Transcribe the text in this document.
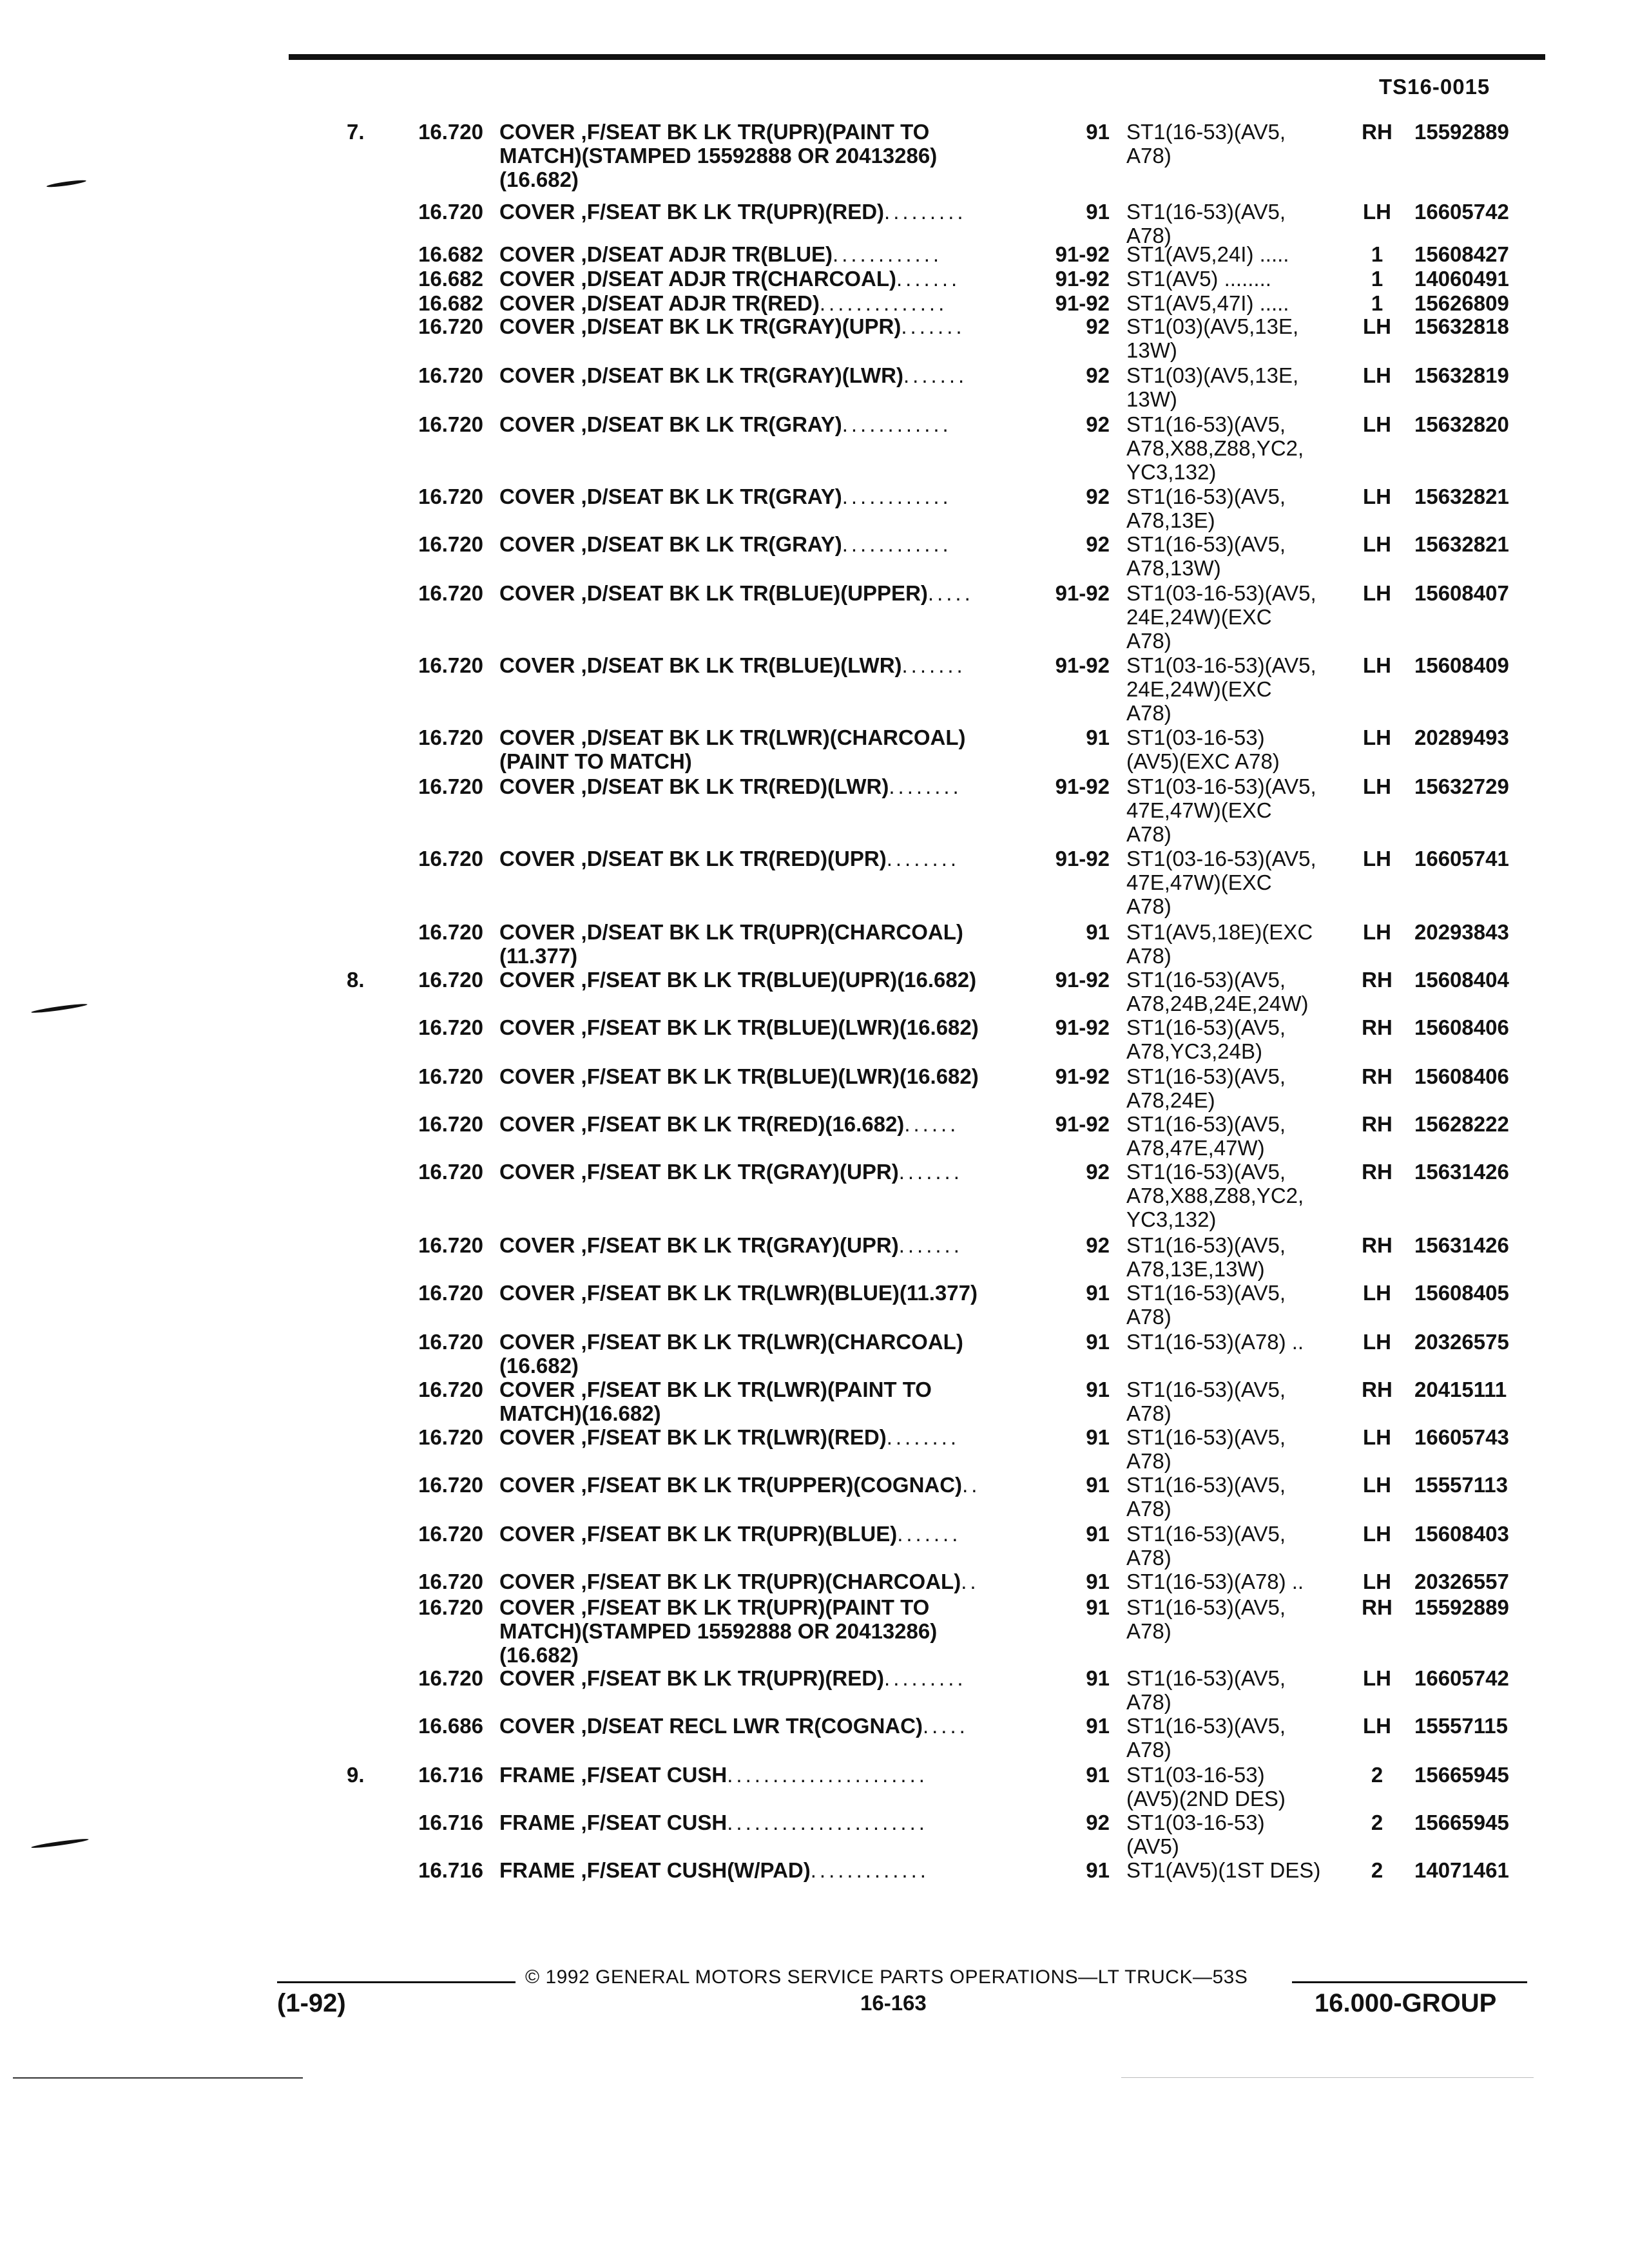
TS16-0015
7.	16.720 COVER ,F/SEAT BK LK TR(UPR)(PAINT TO
MATCH)(STAMPED 15592888 OR 20413286)
(16.682)
91 ST1(16-53)(AV5,
A78)
RH	15592889
16.720 COVER ,F/SEAT BK LK TR(UPR)(RED) .........	91 ST1(16-53)(AV5,
A78)
LH	16605742
16.682 COVER ,D/SEAT ADJR TR(BLUE) ............	91-92 ST1(AV5,24I) .....	1	15608427
16.682 COVER ,D/SEAT ADJR TR(CHARCOAL) .......	91-92 ST1(AV5) ........	1	14060491
16.682 COVER ,D/SEAT ADJR TR(RED) ..............	91-92 ST1(AV5,47I) .....	1	15626809
16.720 COVER ,D/SEAT BK LK TR(GRAY)(UPR) .......	92 ST1(03)(AV5,13E,
13W)
LH	15632818
16.720 COVER ,D/SEAT BK LK TR(GRAY)(LWR) .......	92 ST1(03)(AV5,13E,
13W)
LH	15632819
16.720 COVER ,D/SEAT BK LK TR(GRAY) ............	92 ST1(16-53)(AV5,
A78,X88,Z88,YC2,
YC3,132)
LH	15632820
16.720 COVER ,D/SEAT BK LK TR(GRAY) ............	92 ST1(16-53)(AV5,
A78,13E)
LH	15632821
16.720 COVER ,D/SEAT BK LK TR(GRAY) ............	92 ST1(16-53)(AV5,
A78,13W)
LH	15632821
16.720 COVER ,D/SEAT BK LK TR(BLUE)(UPPER) .....	91-92 ST1(03-16-53)(AV5,
24E,24W)(EXC
A78)
LH	15608407
16.720 COVER ,D/SEAT BK LK TR(BLUE)(LWR) .......	91-92 ST1(03-16-53)(AV5,
24E,24W)(EXC
A78)
LH	15608409
16.720 COVER ,D/SEAT BK LK TR(LWR)(CHARCOAL)
(PAINT TO MATCH)
91 ST1(03-16-53)
(AV5)(EXC A78)
LH	20289493
16.720 COVER ,D/SEAT BK LK TR(RED)(LWR) ........	91-92 ST1(03-16-53)(AV5,
47E,47W)(EXC
A78)
LH	15632729
16.720 COVER ,D/SEAT BK LK TR(RED)(UPR) ........	91-92 ST1(03-16-53)(AV5,
47E,47W)(EXC
A78)
LH	16605741
16.720 COVER ,D/SEAT BK LK TR(UPR)(CHARCOAL)
(11.377)
91 ST1(AV5,18E)(EXC
A78)
LH	20293843
8.	16.720 COVER ,F/SEAT BK LK TR(BLUE)(UPR)(16.682)	91-92 ST1(16-53)(AV5,
A78,24B,24E,24W)
RH	15608404
16.720 COVER ,F/SEAT BK LK TR(BLUE)(LWR)(16.682)	91-92 ST1(16-53)(AV5,
A78,YC3,24B)
RH	15608406
16.720 COVER ,F/SEAT BK LK TR(BLUE)(LWR)(16.682)	91-92 ST1(16-53)(AV5,
A78,24E)
RH	15608406
16.720 COVER ,F/SEAT BK LK TR(RED)(16.682) ......	91-92 ST1(16-53)(AV5,
A78,47E,47W)
RH	15628222
16.720 COVER ,F/SEAT BK LK TR(GRAY)(UPR) .......	92 ST1(16-53)(AV5,
A78,X88,Z88,YC2,
YC3,132)
RH	15631426
16.720 COVER ,F/SEAT BK LK TR(GRAY)(UPR) .......	92 ST1(16-53)(AV5,
A78,13E,13W)
RH	15631426
16.720 COVER ,F/SEAT BK LK TR(LWR)(BLUE)(11.377)	91 ST1(16-53)(AV5,
A78)
LH	15608405
16.720 COVER ,F/SEAT BK LK TR(LWR)(CHARCOAL)
(16.682)
91 ST1(16-53)(A78) ..	LH	20326575
16.720 COVER ,F/SEAT BK LK TR(LWR)(PAINT TO
MATCH)(16.682)
91 ST1(16-53)(AV5,
A78)
RH	20415111
16.720 COVER ,F/SEAT BK LK TR(LWR)(RED) ........	91 ST1(16-53)(AV5,
A78)
LH	16605743
16.720 COVER ,F/SEAT BK LK TR(UPPER)(COGNAC) ..	91 ST1(16-53)(AV5,
A78)
LH	15557113
16.720 COVER ,F/SEAT BK LK TR(UPR)(BLUE) .......	91 ST1(16-53)(AV5,
A78)
LH	15608403
16.720 COVER ,F/SEAT BK LK TR(UPR)(CHARCOAL) ..	91 ST1(16-53)(A78) ..	LH	20326557
16.720 COVER ,F/SEAT BK LK TR(UPR)(PAINT TO
MATCH)(STAMPED 15592888 OR 20413286)
(16.682)
91 ST1(16-53)(AV5,
A78)
RH	15592889
16.720 COVER ,F/SEAT BK LK TR(UPR)(RED) .........	91 ST1(16-53)(AV5,
A78)
LH	16605742
16.686 COVER ,D/SEAT RECL LWR TR(COGNAC) .....	91 ST1(16-53)(AV5,
A78)
LH	15557115
9.	16.716 FRAME ,F/SEAT CUSH ......................	91 ST1(03-16-53)
(AV5)(2ND DES)
2	15665945
16.716 FRAME ,F/SEAT CUSH ......................	92 ST1(03-16-53)
(AV5)
2	15665945
16.716 FRAME ,F/SEAT CUSH(W/PAD) .............	91 ST1(AV5)(1ST DES)	2	14071461
© 1992 GENERAL MOTORS SERVICE PARTS OPERATIONS—LT TRUCK—53S
(1-92)	16-163	16.000-GROUP
